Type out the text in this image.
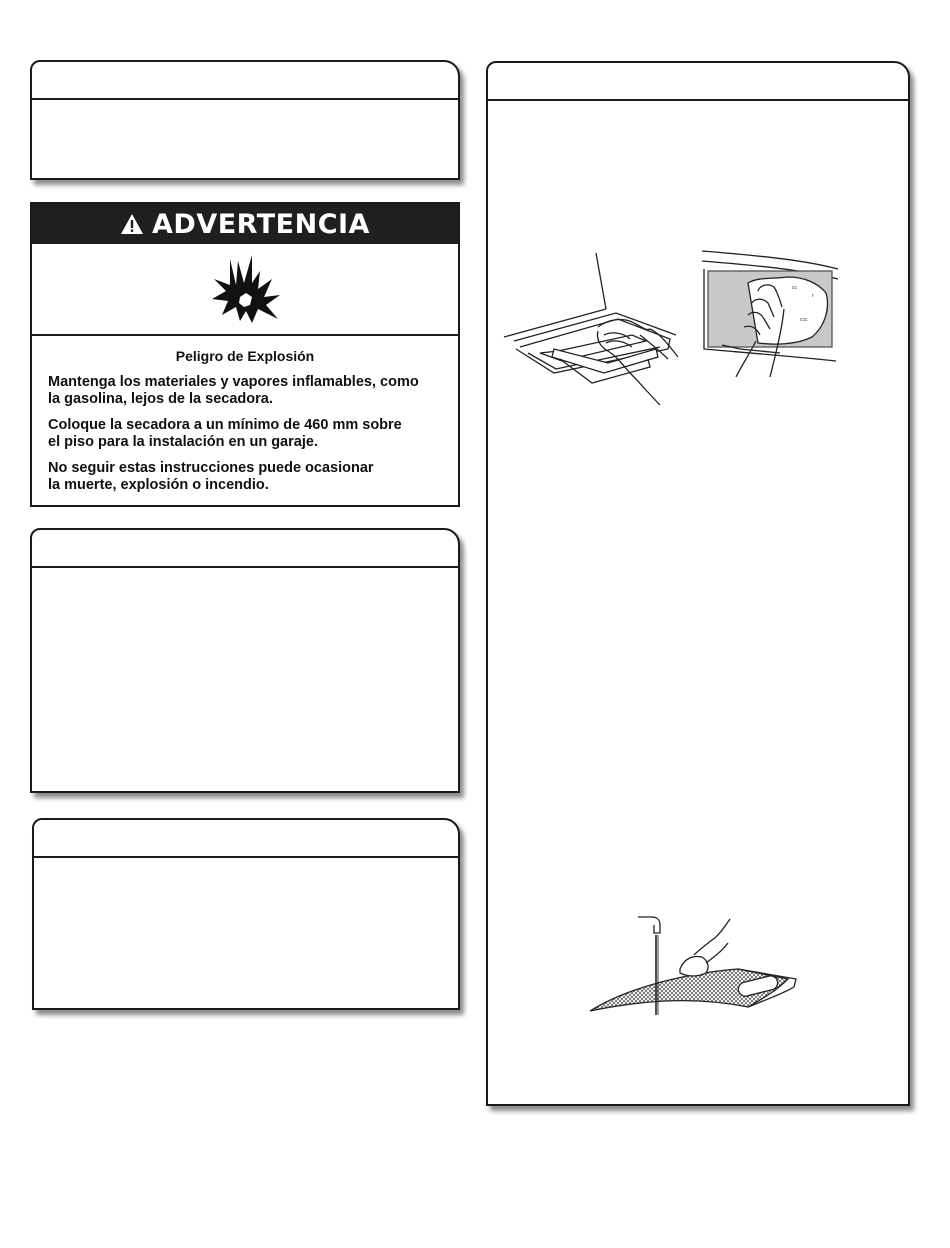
ADVERTENCIA
Peligro de Explosión

Mantenga los materiales y vapores inflamables, como
la gasolina, lejos de la secadora.

Coloque la secadora a un mínimo de 460 mm sobre
el piso para la instalación en un garaje.

No seguir estas instrucciones puede ocasionar
la muerte, explosión o incendio.

cc
r
ccc
